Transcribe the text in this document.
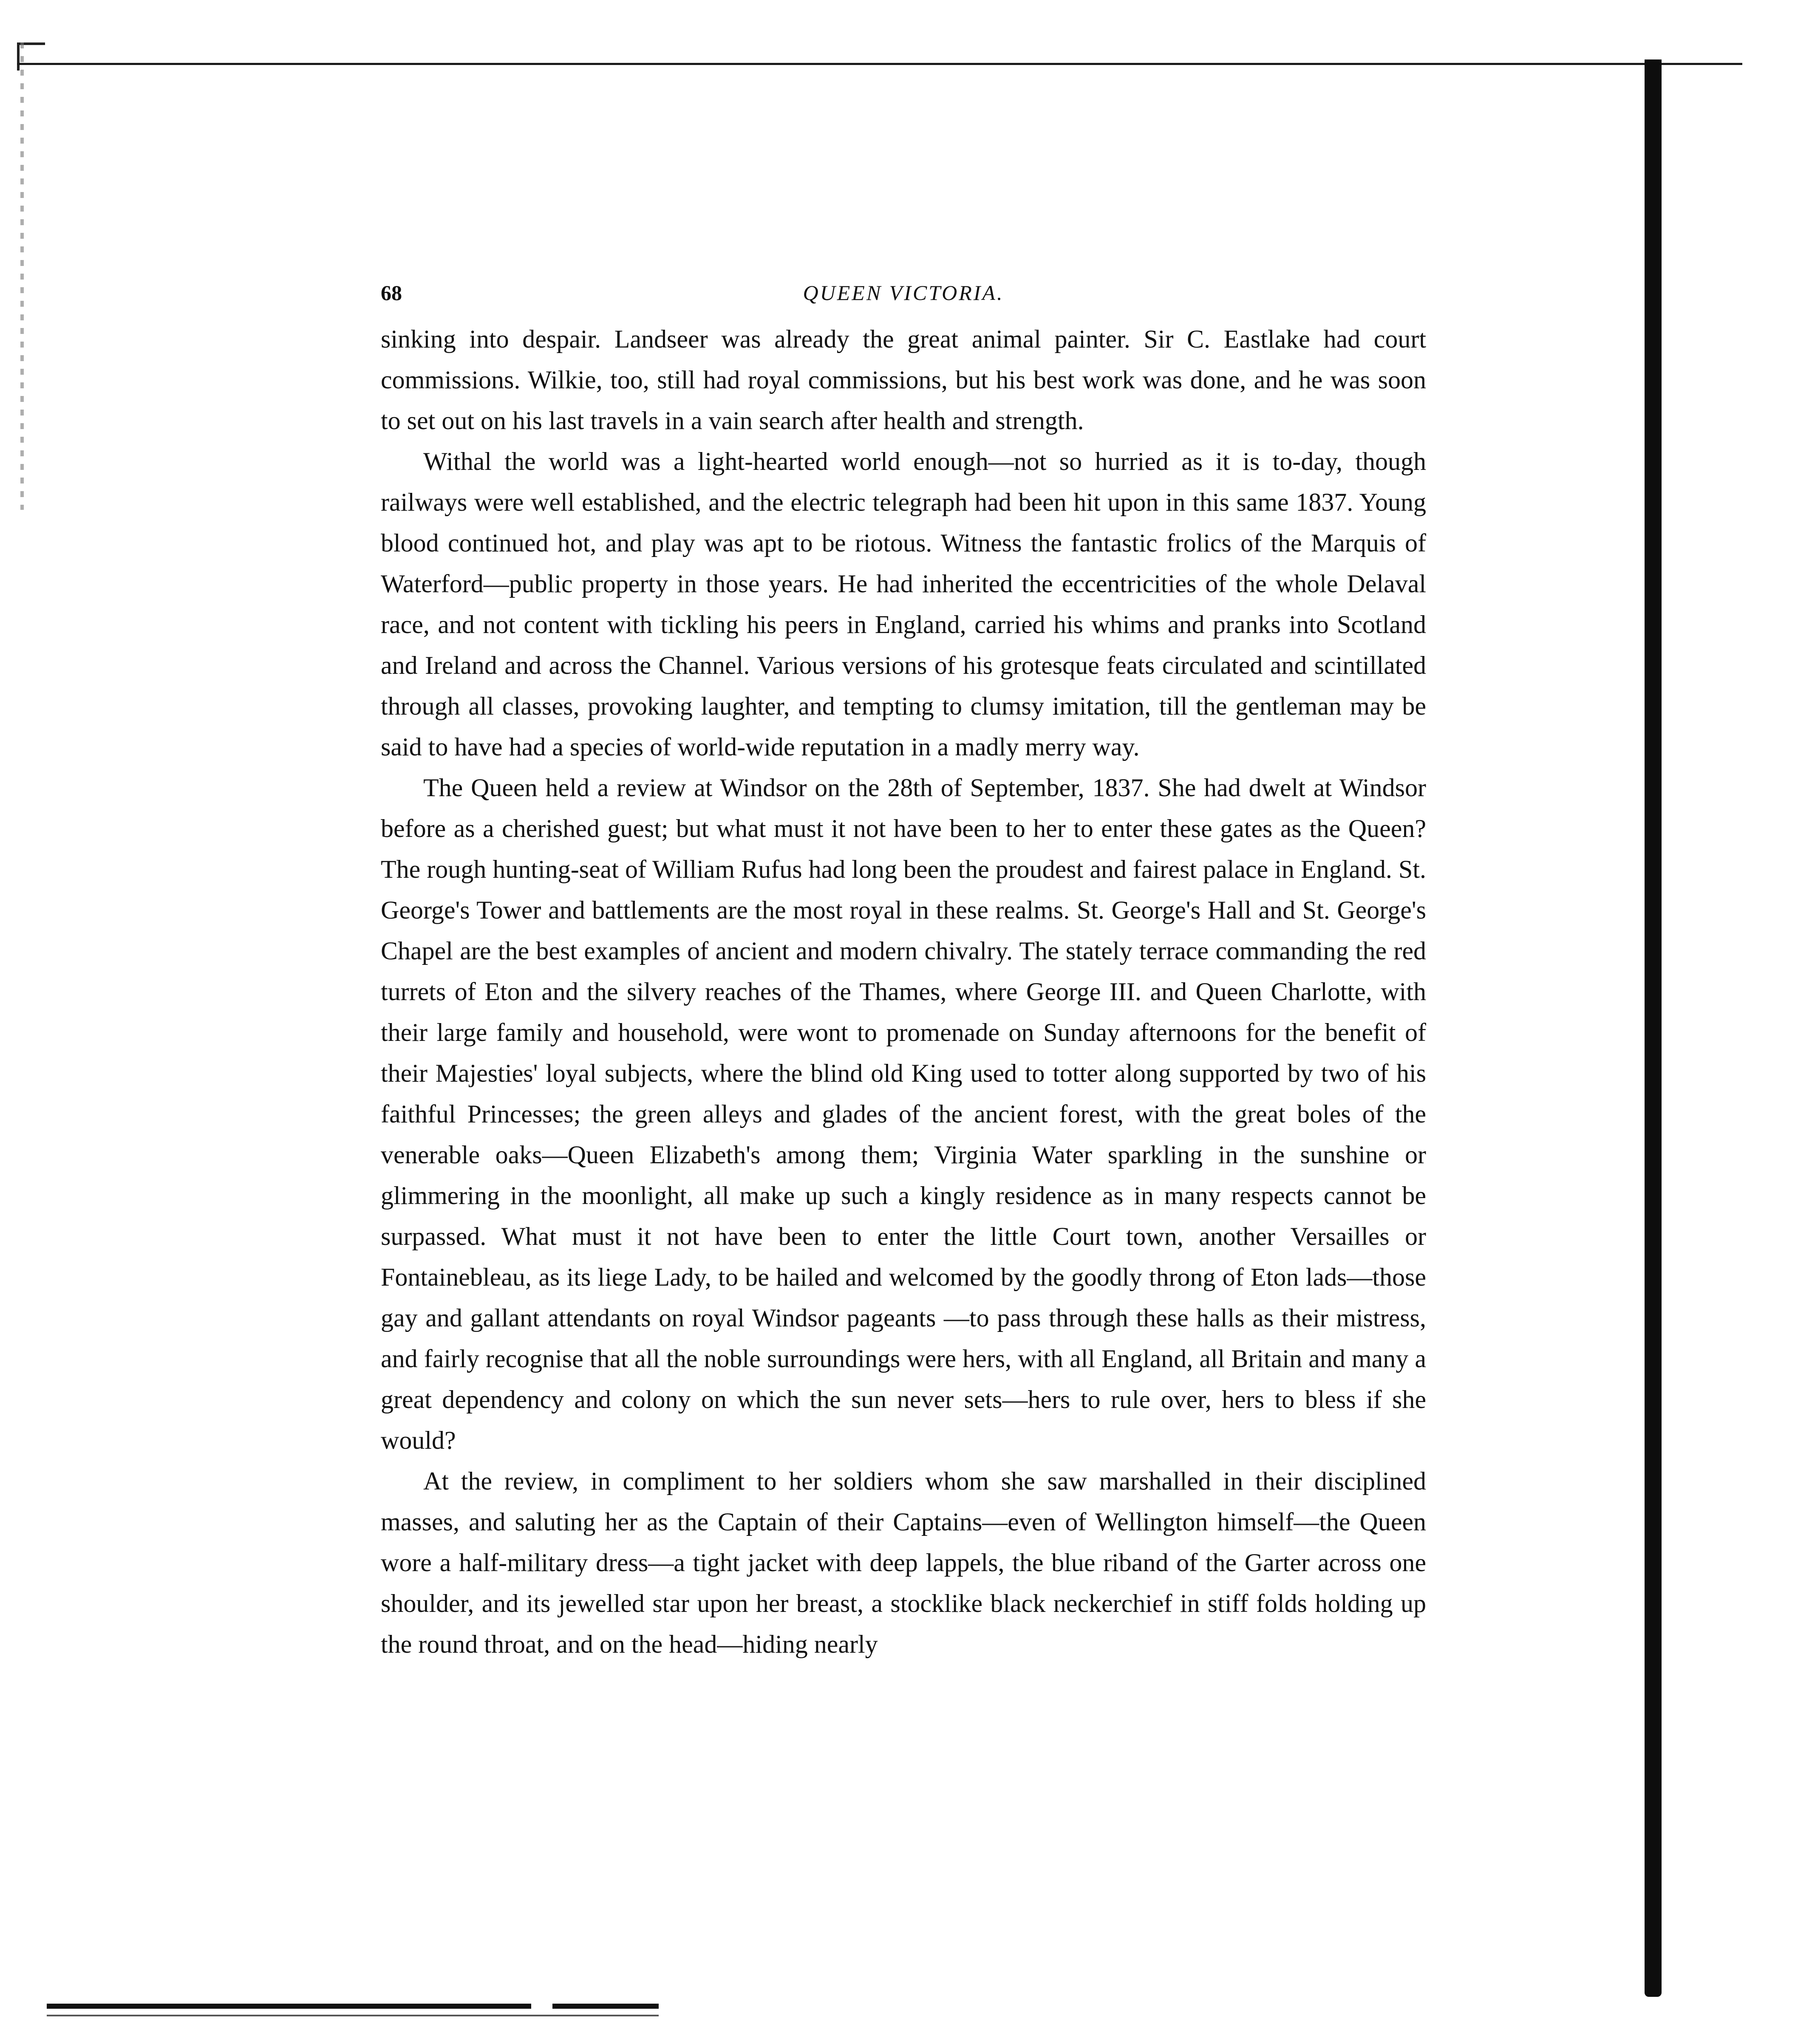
68	QUEEN VICTORIA.

sinking into despair. Landseer was already the great animal painter. Sir C. Eastlake had court commissions. Wilkie, too, still had royal commissions, but his best work was done, and he was soon to set out on his last travels in a vain search after health and strength.

Withal the world was a light-hearted world enough—not so hurried as it is to-day, though railways were well established, and the electric telegraph had been hit upon in this same 1837. Young blood continued hot, and play was apt to be riotous. Witness the fantastic frolics of the Marquis of Waterford—public property in those years. He had inherited the eccentricities of the whole Delaval race, and not content with tickling his peers in England, carried his whims and pranks into Scotland and Ireland and across the Channel. Various versions of his grotesque feats circulated and scintillated through all classes, provoking laughter, and tempting to clumsy imitation, till the gentleman may be said to have had a species of world-wide reputation in a madly merry way.

The Queen held a review at Windsor on the 28th of September, 1837. She had dwelt at Windsor before as a cherished guest; but what must it not have been to her to enter these gates as the Queen? The rough hunting-seat of William Rufus had long been the proudest and fairest palace in England. St. George's Tower and battlements are the most royal in these realms. St. George's Hall and St. George's Chapel are the best examples of ancient and modern chivalry. The stately terrace commanding the red turrets of Eton and the silvery reaches of the Thames, where George III. and Queen Charlotte, with their large family and household, were wont to promenade on Sunday afternoons for the benefit of their Majesties' loyal subjects, where the blind old King used to totter along supported by two of his faithful Princesses; the green alleys and glades of the ancient forest, with the great boles of the venerable oaks—Queen Elizabeth's among them; Virginia Water sparkling in the sunshine or glimmering in the moonlight, all make up such a kingly residence as in many respects cannot be surpassed. What must it not have been to enter the little Court town, another Versailles or Fontainebleau, as its liege Lady, to be hailed and welcomed by the goodly throng of Eton lads—those gay and gallant attendants on royal Windsor pageants —to pass through these halls as their mistress, and fairly recognise that all the noble surroundings were hers, with all England, all Britain and many a great dependency and colony on which the sun never sets—hers to rule over, hers to bless if she would?

At the review, in compliment to her soldiers whom she saw marshalled in their disciplined masses, and saluting her as the Captain of their Captains—even of Wellington himself—the Queen wore a half-military dress—a tight jacket with deep lappels, the blue riband of the Garter across one shoulder, and its jewelled star upon her breast, a stocklike black neckerchief in stiff folds holding up the round throat, and on the head—hiding nearly
